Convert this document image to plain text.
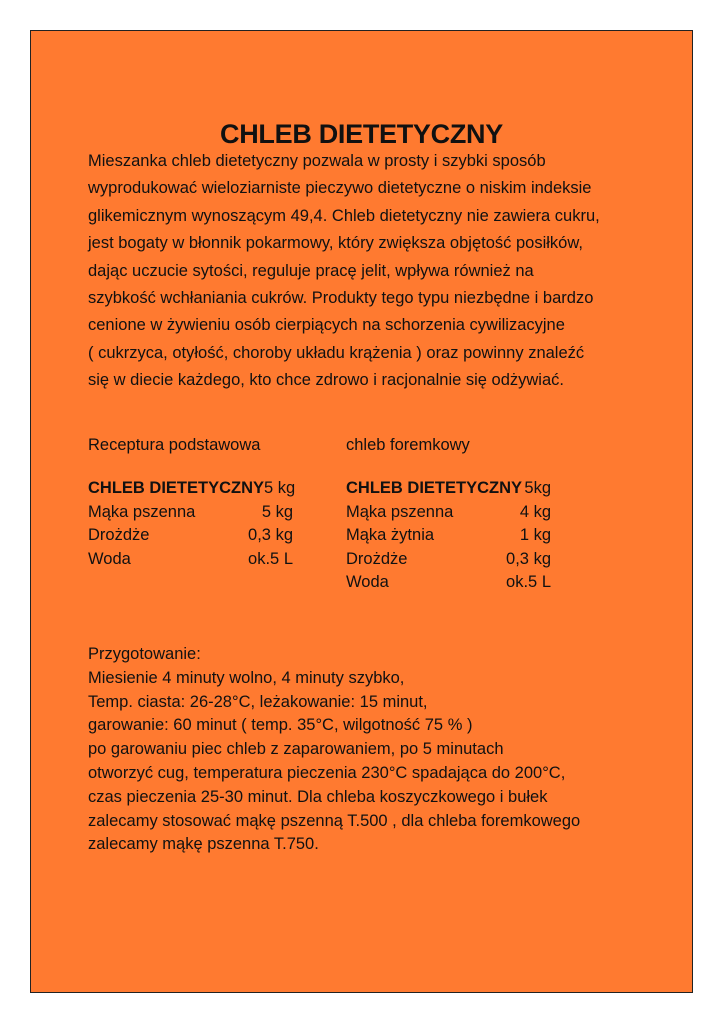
CHLEB DIETETYCZNY
Mieszanka chleb dietetyczny pozwala w prosty i szybki sposób
wyprodukować wieloziarniste pieczywo dietetyczne o niskim indeksie
glikemicznym wynoszącym 49,4. Chleb dietetyczny nie zawiera cukru,
jest bogaty w błonnik pokarmowy, który zwiększa objętość posiłków,
dając uczucie sytości, reguluje pracę jelit, wpływa również na
szybkość wchłaniania cukrów. Produkty tego typu niezbędne i bardzo
cenione w żywieniu osób cierpiących na schorzenia cywilizacyjne
( cukrzyca, otyłość, choroby układu krążenia ) oraz powinny znaleźć
się w diecie każdego, kto chce zdrowo i racjonalnie się odżywiać.
Receptura podstawowa
CHLEB DIETETYCZNY 5 kg
Mąka pszenna	5 kg
Drożdże	0,3 kg
Woda	ok.5 L
chleb foremkowy
CHLEB DIETETYCZNY 5kg
Mąka pszenna	4 kg
Mąka żytnia	1 kg
Drożdże	0,3 kg
Woda	ok.5 L
Przygotowanie:
Miesienie 4 minuty wolno, 4 minuty szybko,
Temp. ciasta: 26-28°C, leżakowanie: 15 minut,
garowanie: 60 minut ( temp. 35°C, wilgotność 75 % )
po garowaniu piec chleb z zaparowaniem, po 5 minutach
otworzyć cug, temperatura pieczenia 230°C spadająca do 200°C,
czas pieczenia 25-30 minut. Dla chleba koszyczkowego i bułek
zalecamy stosować mąkę pszenną T.500 , dla chleba foremkowego
zalecamy mąkę pszenna T.750.
